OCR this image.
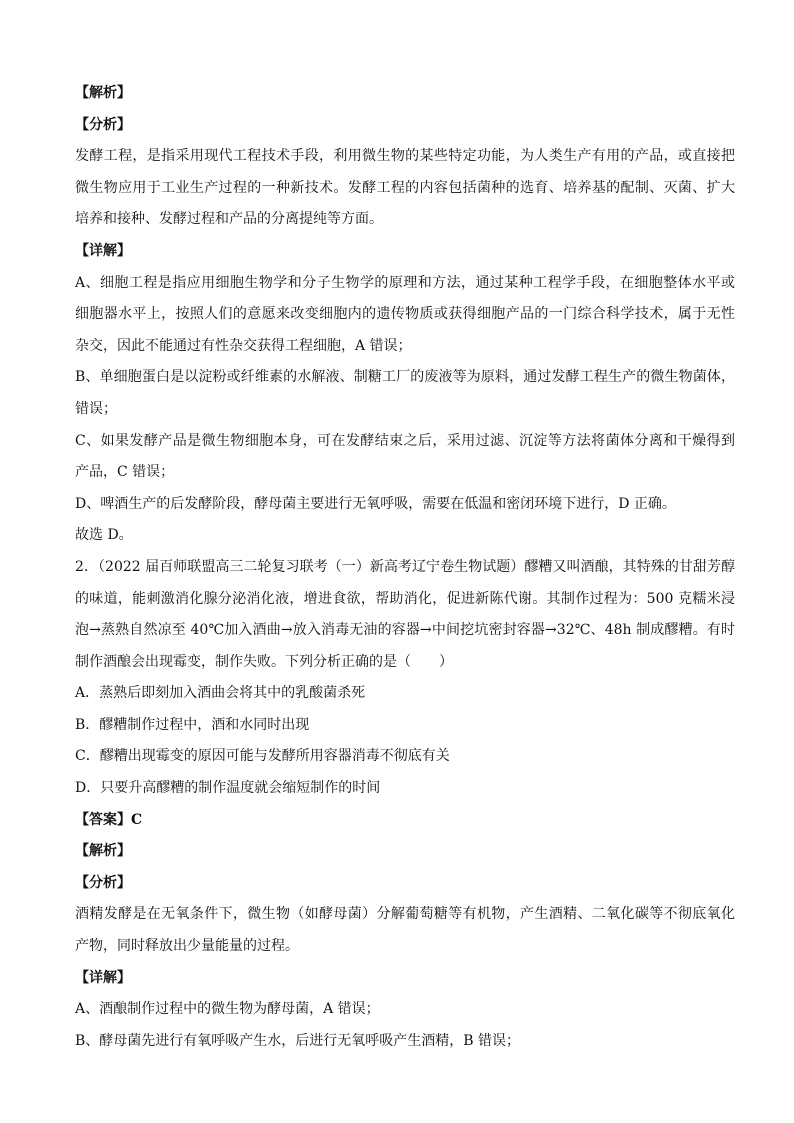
【解析】

【分析】

发酵工程，是指采用现代工程技术手段，利用微生物的某些特定功能，为人类生产有用的产品，或直接把

微生物应用于工业生产过程的一种新技术。发酵工程的内容包括菌种的选育、培养基的配制、灭菌、扩大

培养和接种、发酵过程和产品的分离提纯等方面。

【详解】

A、细胞工程是指应用细胞生物学和分子生物学的原理和方法，通过某种工程学手段，在细胞整体水平或

细胞器水平上，按照人们的意愿来改变细胞内的遗传物质或获得细胞产品的一门综合科学技术，属于无性

杂交，因此不能通过有性杂交获得工程细胞，A 错误；

B、单细胞蛋白是以淀粉或纤维素的水解液、制糖工厂的废液等为原料，通过发酵工程生产的微生物菌体，

错误；

C、如果发酵产品是微生物细胞本身，可在发酵结束之后，采用过滤、沉淀等方法将菌体分离和干燥得到

产品，C 错误；

D、啤酒生产的后发酵阶段，酵母菌主要进行无氧呼吸，需要在低温和密闭环境下进行，D 正确。

故选 D。

2．（2022 届百师联盟高三二轮复习联考（一）新高考辽宁卷生物试题）醪糟又叫酒酿，其特殊的甘甜芳醇

的味道，能刺激消化腺分泌消化液，增进食欲，帮助消化，促进新陈代谢。其制作过程为：500 克糯米浸

泡→蒸熟自然凉至 40℃加入酒曲→放入消毒无油的容器→中间挖坑密封容器→32℃、48h 制成醪糟。有时

制作酒酿会出现霉变，制作失败。下列分析正确的是（　　）

A．蒸熟后即刻加入酒曲会将其中的乳酸菌杀死

B．醪糟制作过程中，酒和水同时出现

C．醪糟出现霉变的原因可能与发酵所用容器消毒不彻底有关

D．只要升高醪糟的制作温度就会缩短制作的时间

【答案】C

【解析】

【分析】

酒精发酵是在无氧条件下，微生物（如酵母菌）分解葡萄糖等有机物，产生酒精、二氧化碳等不彻底氧化

产物，同时释放出少量能量的过程。

【详解】

A、酒酿制作过程中的微生物为酵母菌，A 错误；

B、酵母菌先进行有氧呼吸产生水，后进行无氧呼吸产生酒精，B 错误；
